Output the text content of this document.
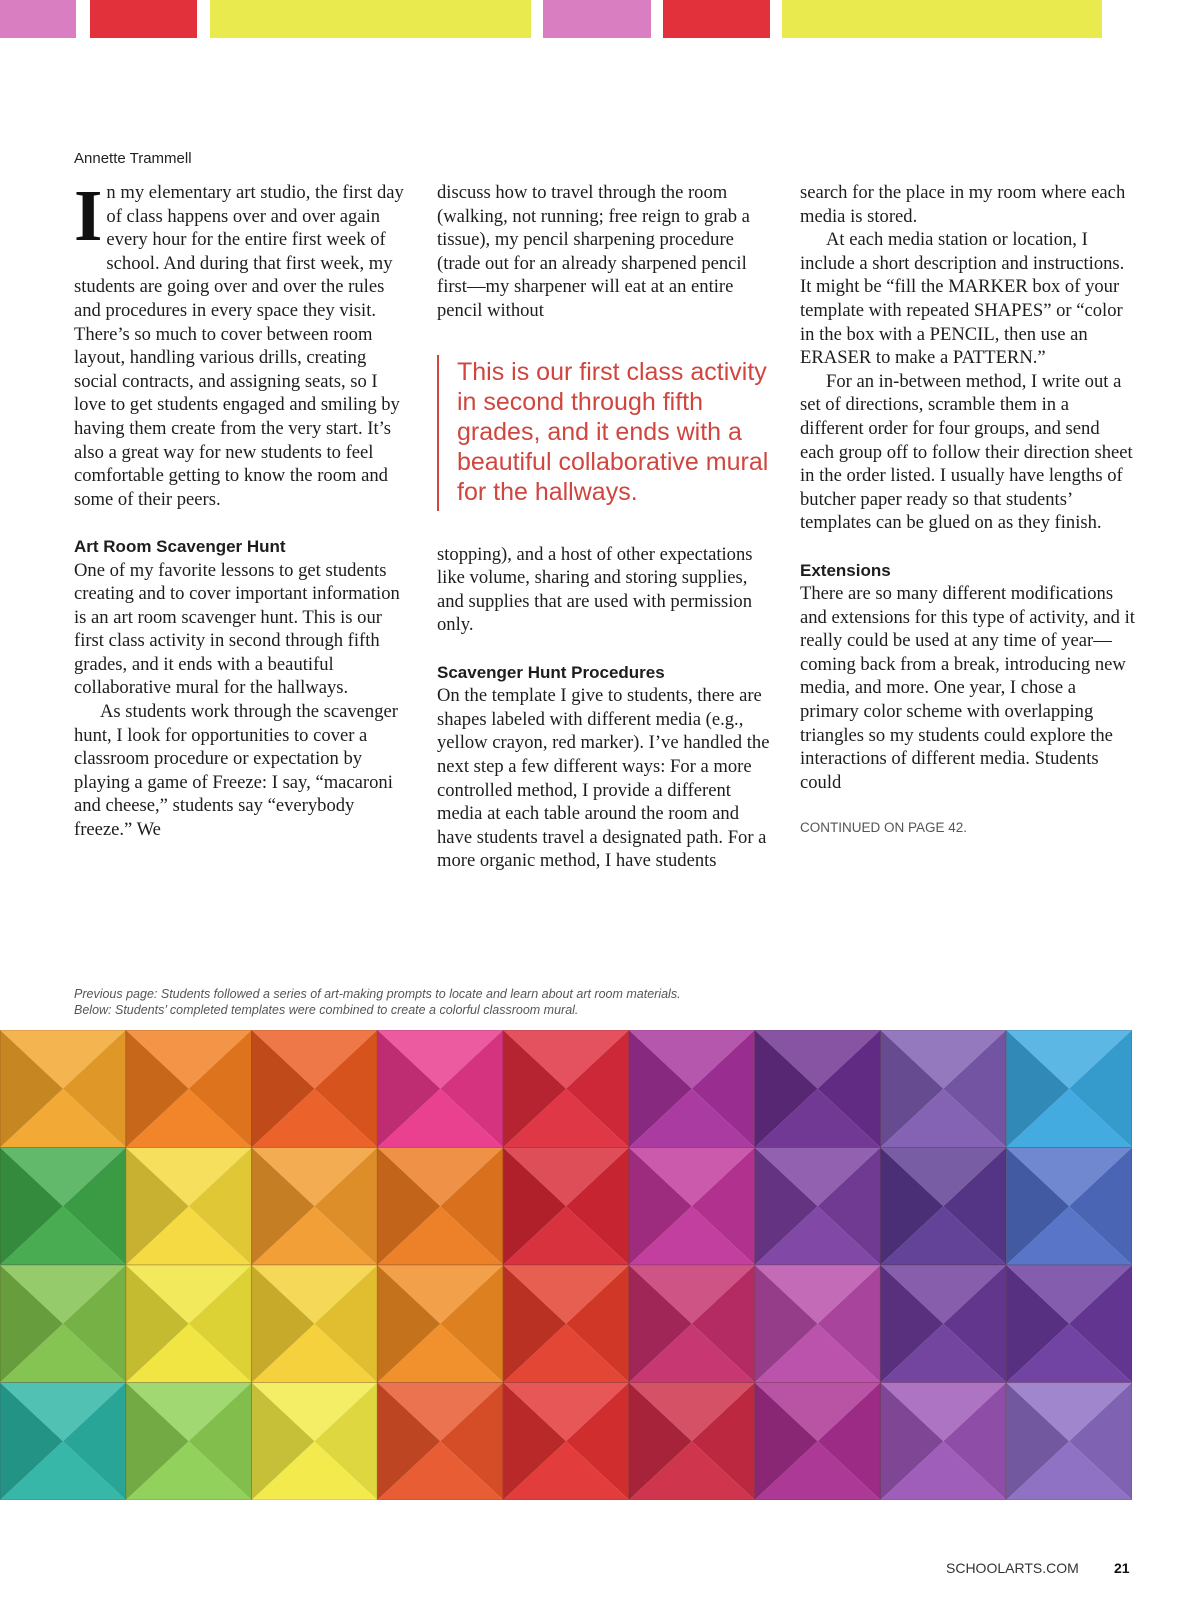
Annette Trammell

In my elementary art studio, the first day of class happens over and over again every hour for the entire first week of school. And during that first week, my students are going over and over the rules and procedures in every space they visit. There’s so much to cover between room layout, handling various drills, creating social contracts, and assigning seats, so I love to get students engaged and smiling by having them create from the very start. It’s also a great way for new students to feel comfortable getting to know the room and some of their peers.

Art Room Scavenger Hunt

One of my favorite lessons to get students creating and to cover important information is an art room scavenger hunt. This is our first class activity in second through fifth grades, and it ends with a beautiful collaborative mural for the hallways.

As students work through the scavenger hunt, I look for opportunities to cover a classroom procedure or expectation by playing a game of Freeze: I say, “macaroni and cheese,” students say “everybody freeze.” We

discuss how to travel through the room (walking, not running; free reign to grab a tissue), my pencil sharpening procedure (trade out for an already sharpened pencil first—my sharpener will eat at an entire pencil without

This is our first class activity in second through fifth grades, and it ends with a beautiful collaborative mural for the hallways.

stopping), and a host of other expectations like volume, sharing and storing supplies, and supplies that are used with permission only.

Scavenger Hunt Procedures

On the template I give to students, there are shapes labeled with different media (e.g., yellow crayon, red marker). I’ve handled the next step a few different ways: For a more controlled method, I provide a different media at each table around the room and have students travel a designated path. For a more organic method, I have students

search for the place in my room where each media is stored.

At each media station or location, I include a short description and instructions. It might be “fill the MARKER box of your template with repeated SHAPES” or “color in the box with a PENCIL, then use an ERASER to make a PATTERN.”

For an in-between method, I write out a set of directions, scramble them in a different order for four groups, and send each group off to follow their direction sheet in the order listed. I usually have lengths of butcher paper ready so that students’ templates can be glued on as they finish.

Extensions

There are so many different modifications and extensions for this type of activity, and it really could be used at any time of year—coming back from a break, introducing new media, and more. One year, I chose a primary color scheme with overlapping triangles so my students could explore the interactions of different media. Students could

CONTINUED ON PAGE 42.
Previous page: Students followed a series of art-making prompts to locate and learn about art room materials.
Below: Students’ completed templates were combined to create a colorful classroom mural.
SCHOOLARTS.COM	21
